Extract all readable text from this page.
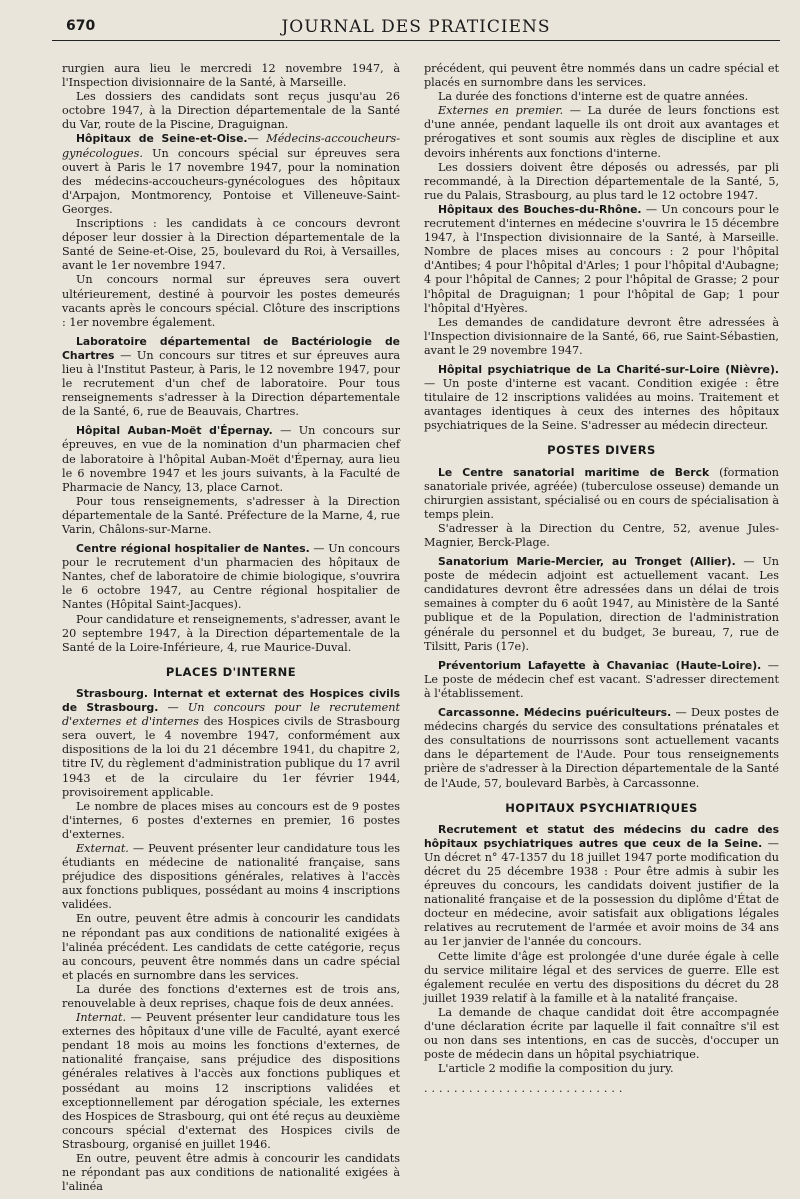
670	JOURNAL DES PRATICIENS

rurgien aura lieu le mercredi 12 novembre 1947, à l'Inspection divisionnaire de la Santé, à Marseille.

Les dossiers des candidats sont reçus jusqu'au 26 octobre 1947, à la Direction départementale de la Santé du Var, route de la Piscine, Draguignan.

Hôpitaux de Seine-et-Oise.— Médecins-accoucheurs-gynécologues. Un concours spécial sur épreuves sera ouvert à Paris le 17 novembre 1947, pour la nomination des médecins-accoucheurs-gynécologues des hôpitaux d'Arpajon, Montmorency, Pontoise et Villeneuve-Saint-Georges.

Inscriptions : les candidats à ce concours devront déposer leur dossier à la Direction départementale de la Santé de Seine-et-Oise, 25, boulevard du Roi, à Versailles, avant le 1er novembre 1947.

Un concours normal sur épreuves sera ouvert ultérieurement, destiné à pourvoir les postes demeurés vacants après le concours spécial. Clôture des inscriptions : 1er novembre également.

Laboratoire départemental de Bactériologie de Chartres — Un concours sur titres et sur épreuves aura lieu à l'Institut Pasteur, à Paris, le 12 novembre 1947, pour le recrutement d'un chef de laboratoire. Pour tous renseignements s'adresser à la Direction départementale de la Santé, 6, rue de Beauvais, Chartres.

Hôpital Auban-Moët d'Épernay. — Un concours sur épreuves, en vue de la nomination d'un pharmacien chef de laboratoire à l'hôpital Auban-Moët d'Épernay, aura lieu le 6 novembre 1947 et les jours suivants, à la Faculté de Pharmacie de Nancy, 13, place Carnot.

Pour tous renseignements, s'adresser à la Direction départementale de la Santé. Préfecture de la Marne, 4, rue Varin, Châlons-sur-Marne.

Centre régional hospitalier de Nantes. — Un concours pour le recrutement d'un pharmacien des hôpitaux de Nantes, chef de laboratoire de chimie biologique, s'ouvrira le 6 octobre 1947, au Centre régional hospitalier de Nantes (Hôpital Saint-Jacques).

Pour candidature et renseignements, s'adresser, avant le 20 septembre 1947, à la Direction départementale de la Santé de la Loire-Inférieure, 4, rue Maurice-Duval.

PLACES D'INTERNE

Strasbourg. Internat et externat des Hospices civils de Strasbourg. — Un concours pour le recrutement d'externes et d'internes des Hospices civils de Strasbourg sera ouvert, le 4 novembre 1947, conformément aux dispositions de la loi du 21 décembre 1941, du chapitre 2, titre IV, du règlement d'administration publique du 17 avril 1943 et de la circulaire du 1er février 1944, provisoirement applicable.

Le nombre de places mises au concours est de 9 postes d'internes, 6 postes d'externes en premier, 16 postes d'externes.

Externat. — Peuvent présenter leur candidature tous les étudiants en médecine de nationalité française, sans préjudice des dispositions générales, relatives à l'accès aux fonctions publiques, possédant au moins 4 inscriptions validées.

En outre, peuvent être admis à concourir les candidats ne répondant pas aux conditions de nationalité exigées à l'alinéa précédent. Les candidats de cette catégorie, reçus au concours, peuvent être nommés dans un cadre spécial et placés en surnombre dans les services.

La durée des fonctions d'externes est de trois ans, renouvelable à deux reprises, chaque fois de deux années.

Internat. — Peuvent présenter leur candidature tous les externes des hôpitaux d'une ville de Faculté, ayant exercé pendant 18 mois au moins les fonctions d'externes, de nationalité française, sans préjudice des dispositions générales relatives à l'accès aux fonctions publiques et possédant au moins 12 inscriptions validées et exceptionnellement par dérogation spéciale, les externes des Hospices de Strasbourg, qui ont été reçus au deuxième concours spécial d'externat des Hospices civils de Strasbourg, organisé en juillet 1946.

En outre, peuvent être admis à concourir les candidats ne répondant pas aux conditions de nationalité exigées à l'alinéa

précédent, qui peuvent être nommés dans un cadre spécial et placés en surnombre dans les services.

La durée des fonctions d'interne est de quatre années.

Externes en premier. — La durée de leurs fonctions est d'une année, pendant laquelle ils ont droit aux avantages et prérogatives et sont soumis aux règles de discipline et aux devoirs inhérents aux fonctions d'interne.

Les dossiers doivent être déposés ou adressés, par pli recommandé, à la Direction départementale de la Santé, 5, rue du Palais, Strasbourg, au plus tard le 12 octobre 1947.

Hôpitaux des Bouches-du-Rhône. — Un concours pour le recrutement d'internes en médecine s'ouvrira le 15 décembre 1947, à l'Inspection divisionnaire de la Santé, à Marseille. Nombre de places mises au concours : 2 pour l'hôpital d'Antibes; 4 pour l'hôpital d'Arles; 1 pour l'hôpital d'Aubagne; 4 pour l'hôpital de Cannes; 2 pour l'hôpital de Grasse; 2 pour l'hôpital de Draguignan; 1 pour l'hôpital de Gap; 1 pour l'hôpital d'Hyères.

Les demandes de candidature devront être adressées à l'Inspection divisionnaire de la Santé, 66, rue Saint-Sébastien, avant le 29 novembre 1947.

Hôpital psychiatrique de La Charité-sur-Loire (Nièvre). — Un poste d'interne est vacant. Condition exigée : être titulaire de 12 inscriptions validées au moins. Traitement et avantages identiques à ceux des internes des hôpitaux psychiatriques de la Seine. S'adresser au médecin directeur.

POSTES DIVERS

Le Centre sanatorial maritime de Berck (formation sanatoriale privée, agréée) (tuberculose osseuse) demande un chirurgien assistant, spécialisé ou en cours de spécialisation à temps plein.

S'adresser à la Direction du Centre, 52, avenue Jules-Magnier, Berck-Plage.

Sanatorium Marie-Mercier, au Tronget (Allier). — Un poste de médecin adjoint est actuellement vacant. Les candidatures devront être adressées dans un délai de trois semaines à compter du 6 août 1947, au Ministère de la Santé publique et de la Population, direction de l'administration générale du personnel et du budget, 3e bureau, 7, rue de Tilsitt, Paris (17e).

Préventorium Lafayette à Chavaniac (Haute-Loire). — Le poste de médecin chef est vacant. S'adresser directement à l'établissement.

Carcassonne. Médecins puériculteurs. — Deux postes de médecins chargés du service des consultations prénatales et des consultations de nourrissons sont actuellement vacants dans le département de l'Aude. Pour tous renseignements prière de s'adresser à la Direction départementale de la Santé de l'Aude, 57, boulevard Barbès, à Carcassonne.

HOPITAUX PSYCHIATRIQUES

Recrutement et statut des médecins du cadre des hôpitaux psychiatriques autres que ceux de la Seine. — Un décret n° 47-1357 du 18 juillet 1947 porte modification du décret du 25 décembre 1938 : Pour être admis à subir les épreuves du concours, les candidats doivent justifier de la nationalité française et de la possession du diplôme d'État de docteur en médecine, avoir satisfait aux obligations légales relatives au recrutement de l'armée et avoir moins de 34 ans au 1er janvier de l'année du concours.

Cette limite d'âge est prolongée d'une durée égale à celle du service militaire légal et des services de guerre. Elle est également reculée en vertu des dispositions du décret du 28 juillet 1939 relatif à la famille et à la natalité française.

La demande de chaque candidat doit être accompagnée d'une déclaration écrite par laquelle il fait connaître s'il est ou non dans ses intentions, en cas de succès, d'occuper un poste de médecin dans un hôpital psychiatrique.

L'article 2 modifie la composition du jury.

...........................
